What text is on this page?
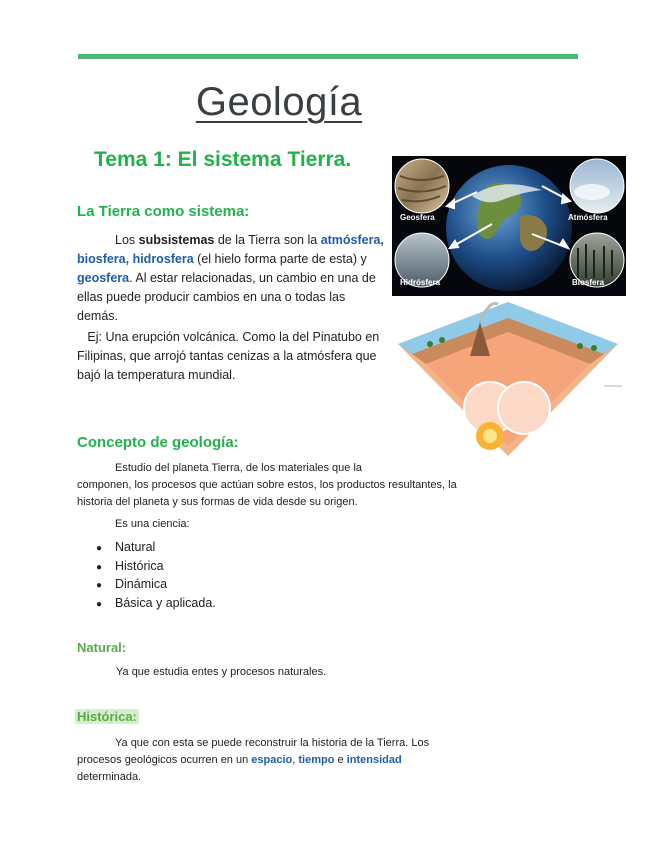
Geología
Tema 1: El sistema Tierra.
La Tierra como sistema:
Los subsistemas de la Tierra son la atmósfera,
biosfera, hidrosfera (el hielo forma parte de esta) y
geosfera. Al estar relacionadas, un cambio en una de
ellas puede producir cambios en una o todas las
demás.
Ej: Una erupción volcánica. Como la del Pinatubo en
Filipinas, que arrojó tantas cenizas a la atmósfera que
bajó la temperatura mundial.
Geosfera	Atmósfera
Hidrósfera	Biosfera
Concepto de geología:
Estudio del planeta Tierra, de los materiales que la
componen, los procesos que actúan sobre estos, los productos resultantes, la
historia del planeta y sus formas de vida desde su origen.
Es una ciencia:
● Natural
● Histórica
● Dinámica
● Básica y aplicada.
Natural:
Ya que estudia entes y procesos naturales.
Histórica:
Ya que con esta se puede reconstruir la historia de la Tierra. Los
procesos geológicos ocurren en un espacio, tiempo e intensidad
determinada.
